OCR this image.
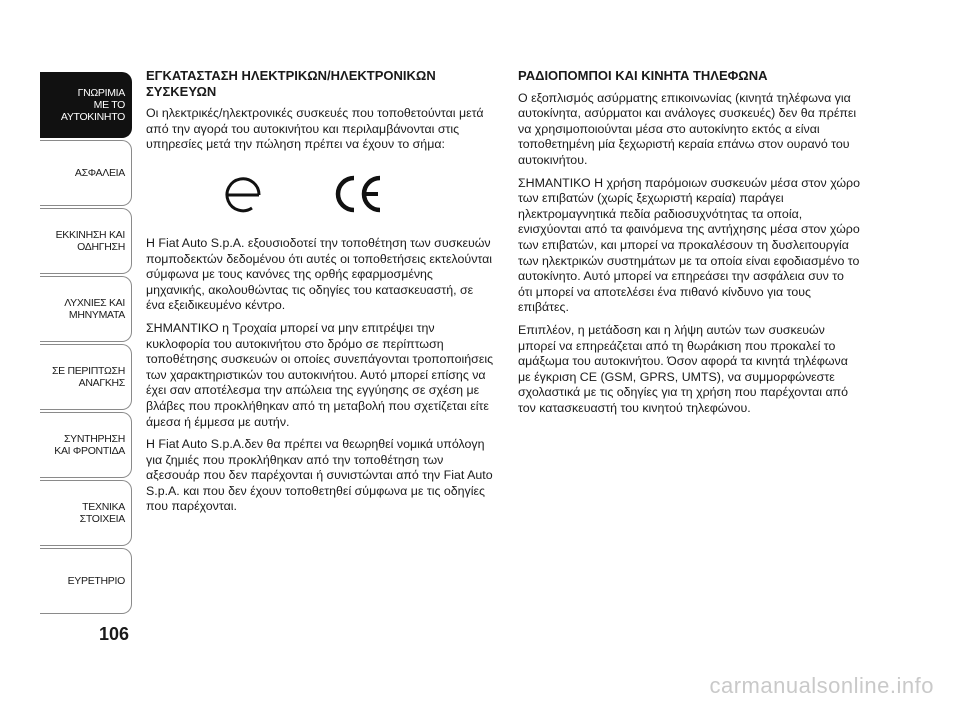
ΓΝΩΡΙΜΙΑ
ΜΕ ΤΟ
ΑΥΤΟΚΙΝΗΤΟ
ΑΣΦΑΛΕΙΑ
ΕΚΚΙΝΗΣΗ ΚΑΙ
ΟΔΗΓΗΣΗ
ΛΥΧΝΙΕΣ ΚΑΙ
ΜΗΝΥΜΑΤΑ
ΣΕ ΠΕΡΙΠΤΩΣΗ
ΑΝΑΓΚΗΣ
ΣΥΝΤΗΡΗΣΗ
ΚΑΙ ΦΡΟΝΤΙΔΑ
ΤΕΧΝΙΚΑ
ΣΤΟΙΧΕΙΑ
ΕΥΡΕΤΗΡΙΟ
106
ΕΓΚΑΤΑΣΤΑΣΗ ΗΛΕΚΤΡΙΚΩΝ/ΗΛΕΚΤΡΟΝΙΚΩΝ ΣΥΣΚΕΥΩΝ

Οι ηλεκτρικές/ηλεκτρονικές συσκευές που τοποθετούνται μετά από την αγορά του αυτοκινήτου και περιλαμβάνονται στις υπηρεσίες μετά την πώληση πρέπει να έχουν το σήμα:

Η Fiat Auto S.p.A. εξουσιοδοτεί την τοποθέτηση των συσκευών πομποδεκτών δεδομένου ότι αυτές οι τοποθετήσεις εκτελούνται σύμφωνα με τους κανόνες της ορθής εφαρμοσμένης μηχανικής, ακολουθώντας τις οδηγίες του κατασκευαστή, σε ένα εξειδικευμένο κέντρο.

ΣΗΜΑΝΤΙΚΟ η Τροχαία μπορεί να μην επιτρέψει την κυκλοφορία του αυτοκινήτου στο δρόμο σε περίπτωση τοποθέτησης συσκευών οι οποίες συνεπάγονται τροποποιήσεις των χαρακτηριστικών του αυτοκινήτου. Αυτό μπορεί επίσης να έχει σαν αποτέλεσμα την απώλεια της εγγύησης σε σχέση με βλάβες που προκλήθηκαν από τη μεταβολή που σχετίζεται είτε άμεσα ή έμμεσα με αυτήν.

Η Fiat Auto S.p.A.δεν θα πρέπει να θεωρηθεί νομικά υπόλογη για ζημιές που προκλήθηκαν από την τοποθέτηση των αξεσουάρ που δεν παρέχονται ή συνιστώνται από την Fiat Auto S.p.A. και που δεν έχουν τοποθετηθεί σύμφωνα με τις οδηγίες που παρέχονται.

ΡΑΔΙΟΠΟΜΠΟΙ ΚΑΙ ΚΙΝΗΤΑ ΤΗΛΕΦΩΝΑ

Ο εξοπλισμός ασύρματης επικοινωνίας (κινητά τηλέφωνα για αυτοκίνητα, ασύρματοι και ανάλογες συσκευές) δεν θα πρέπει να χρησιμοποιούνται μέσα στο αυτοκίνητο εκτός α είναι τοποθετημένη μία ξεχωριστή κεραία επάνω στον ουρανό του αυτοκινήτου.

ΣΗΜΑΝΤΙΚΟ Η χρήση παρόμοιων συσκευών μέσα στον χώρο των επιβατών (χωρίς ξεχωριστή κεραία) παράγει ηλεκτρομαγνητικά πεδία ραδιοσυχνότητας τα οποία, ενισχύονται από τα φαινόμενα της αντήχησης μέσα στον χώρο των επιβατών, και μπορεί να προκαλέσουν τη δυσλειτουργία των ηλεκτρικών συστημάτων με τα οποία είναι εφοδιασμένο το αυτοκίνητο. Αυτό μπορεί να επηρεάσει την ασφάλεια συν το ότι μπορεί να αποτελέσει ένα πιθανό κίνδυνο για τους επιβάτες.

Επιπλέον, η μετάδοση και η λήψη αυτών των συσκευών μπορεί να επηρεάζεται από τη θωράκιση που προκαλεί το αμάξωμα του αυτοκινήτου. Όσον αφορά τα κινητά τηλέφωνα με έγκριση CE (GSM, GPRS, UMTS), να συμμορφώνεστε σχολαστικά με τις οδηγίες για τη χρήση που παρέχονται από τον κατασκευαστή του κινητού τηλεφώνου.

carmanualsonline.info
